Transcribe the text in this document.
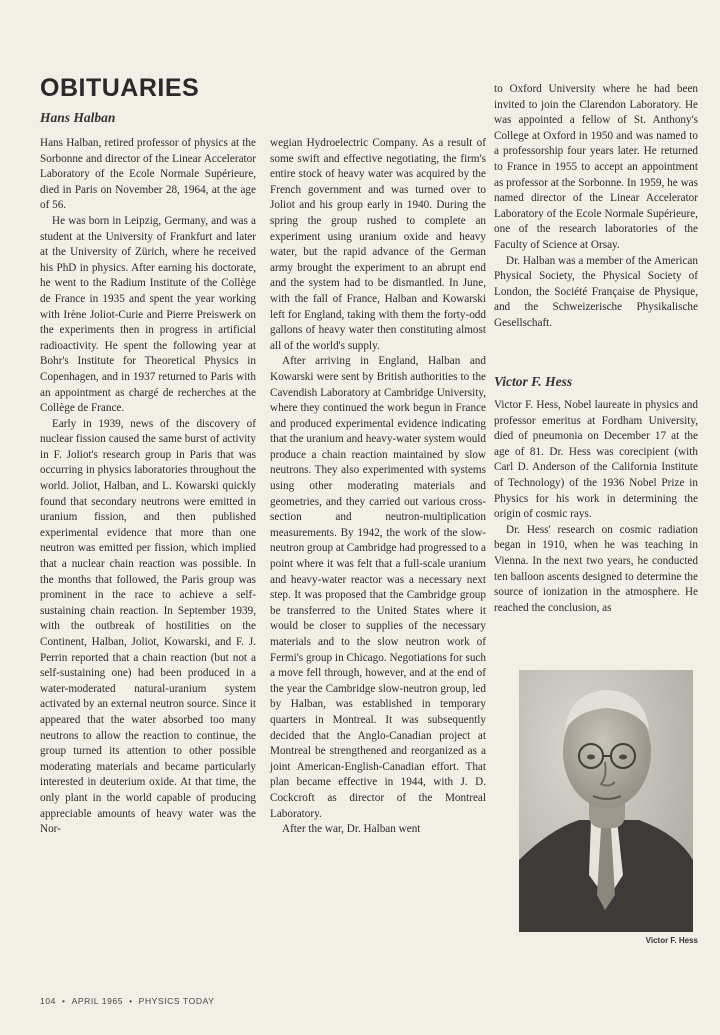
OBITUARIES
Hans Halban

Hans Halban, retired professor of physics at the Sorbonne and director of the Linear Accelerator Laboratory of the Ecole Normale Supérieure, died in Paris on November 28, 1964, at the age of 56.

He was born in Leipzig, Germany, and was a student at the University of Frankfurt and later at the University of Zürich, where he received his PhD in physics. After earning his doctorate, he went to the Radium Institute of the Collège de France in 1935 and spent the year working with Irène Joliot-Curie and Pierre Preiswerk on the experiments then in progress in artificial radioactivity. He spent the following year at Bohr's Institute for Theoretical Physics in Copenhagen, and in 1937 returned to Paris with an appointment as chargé de recherches at the Collège de France.

Early in 1939, news of the discovery of nuclear fission caused the same burst of activity in F. Joliot's research group in Paris that was occurring in physics laboratories throughout the world. Joliot, Halban, and L. Kowarski quickly found that secondary neutrons were emitted in uranium fission, and then published experimental evidence that more than one neutron was emitted per fission, which implied that a nuclear chain reaction was possible. In the months that followed, the Paris group was prominent in the race to achieve a self-sustaining chain reaction. In September 1939, with the outbreak of hostilities on the Continent, Halban, Joliot, Kowarski, and F. J. Perrin reported that a chain reaction (but not a self-sustaining one) had been produced in a water-moderated natural-uranium system activated by an external neutron source. Since it appeared that the water absorbed too many neutrons to allow the reaction to continue, the group turned its attention to other possible moderating materials and became particularly interested in deuterium oxide. At that time, the only plant in the world capable of producing appreciable amounts of heavy water was the Nor-

wegian Hydroelectric Company. As a result of some swift and effective negotiating, the firm's entire stock of heavy water was acquired by the French government and was turned over to Joliot and his group early in 1940. During the spring the group rushed to complete an experiment using uranium oxide and heavy water, but the rapid advance of the German army brought the experiment to an abrupt end and the system had to be dismantled. In June, with the fall of France, Halban and Kowarski left for England, taking with them the forty-odd gallons of heavy water then constituting almost all of the world's supply.

After arriving in England, Halban and Kowarski were sent by British authorities to the Cavendish Laboratory at Cambridge University, where they continued the work begun in France and produced experimental evidence indicating that the uranium and heavy-water system would produce a chain reaction maintained by slow neutrons. They also experimented with systems using other moderating materials and geometries, and they carried out various cross-section and neutron-multiplication measurements. By 1942, the work of the slow-neutron group at Cambridge had progressed to a point where it was felt that a full-scale uranium and heavy-water reactor was a necessary next step. It was proposed that the Cambridge group be transferred to the United States where it would be closer to supplies of the necessary materials and to the slow neutron work of Fermi's group in Chicago. Negotiations for such a move fell through, however, and at the end of the year the Cambridge slow-neutron group, led by Halban, was established in temporary quarters in Montreal. It was subsequently decided that the Anglo-Canadian project at Montreal be strengthened and reorganized as a joint American-English-Canadian effort. That plan became effective in 1944, with J. D. Cockcroft as director of the Montreal Laboratory.

After the war, Dr. Halban went

to Oxford University where he had been invited to join the Clarendon Laboratory. He was appointed a fellow of St. Anthony's College at Oxford in 1950 and was named to a professorship four years later. He returned to France in 1955 to accept an appointment as professor at the Sorbonne. In 1959, he was named director of the Linear Accelerator Laboratory of the Ecole Normale Supérieure, one of the research laboratories of the Faculty of Science at Orsay.

Dr. Halban was a member of the American Physical Society, the Physical Society of London, the Société Française de Physique, and the Schweizerische Physikalische Gesellschaft.

Victor F. Hess

Victor F. Hess, Nobel laureate in physics and professor emeritus at Fordham University, died of pneumonia on December 17 at the age of 81. Dr. Hess was corecipient (with Carl D. Anderson of the California Institute of Technology) of the 1936 Nobel Prize in Physics for his work in determining the origin of cosmic rays.

Dr. Hess' research on cosmic radiation began in 1910, when he was teaching in Vienna. In the next two years, he conducted ten balloon ascents designed to determine the source of ionization in the atmosphere. He reached the conclusion, as

Victor F. Hess
104 • APRIL 1965 • PHYSICS TODAY
